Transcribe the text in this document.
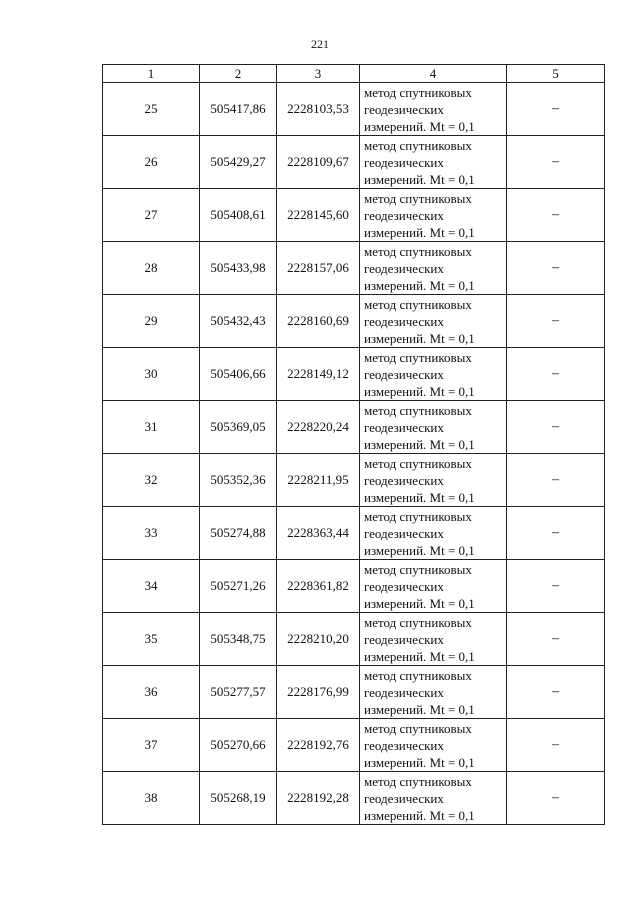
221
1	2	3	4	5
25	505417,86	2228103,53	метод спутниковых
геодезических
измерений. Mt = 0,1	–
26	505429,27	2228109,67	метод спутниковых
геодезических
измерений. Mt = 0,1	–
27	505408,61	2228145,60	метод спутниковых
геодезических
измерений. Mt = 0,1	–
28	505433,98	2228157,06	метод спутниковых
геодезических
измерений. Mt = 0,1	–
29	505432,43	2228160,69	метод спутниковых
геодезических
измерений. Mt = 0,1	–
30	505406,66	2228149,12	метод спутниковых
геодезических
измерений. Mt = 0,1	–
31	505369,05	2228220,24	метод спутниковых
геодезических
измерений. Mt = 0,1	–
32	505352,36	2228211,95	метод спутниковых
геодезических
измерений. Mt = 0,1	–
33	505274,88	2228363,44	метод спутниковых
геодезических
измерений. Mt = 0,1	–
34	505271,26	2228361,82	метод спутниковых
геодезических
измерений. Mt = 0,1	–
35	505348,75	2228210,20	метод спутниковых
геодезических
измерений. Mt = 0,1	–
36	505277,57	2228176,99	метод спутниковых
геодезических
измерений. Mt = 0,1	–
37	505270,66	2228192,76	метод спутниковых
геодезических
измерений. Mt = 0,1	–
38	505268,19	2228192,28	метод спутниковых
геодезических
измерений. Mt = 0,1	–
